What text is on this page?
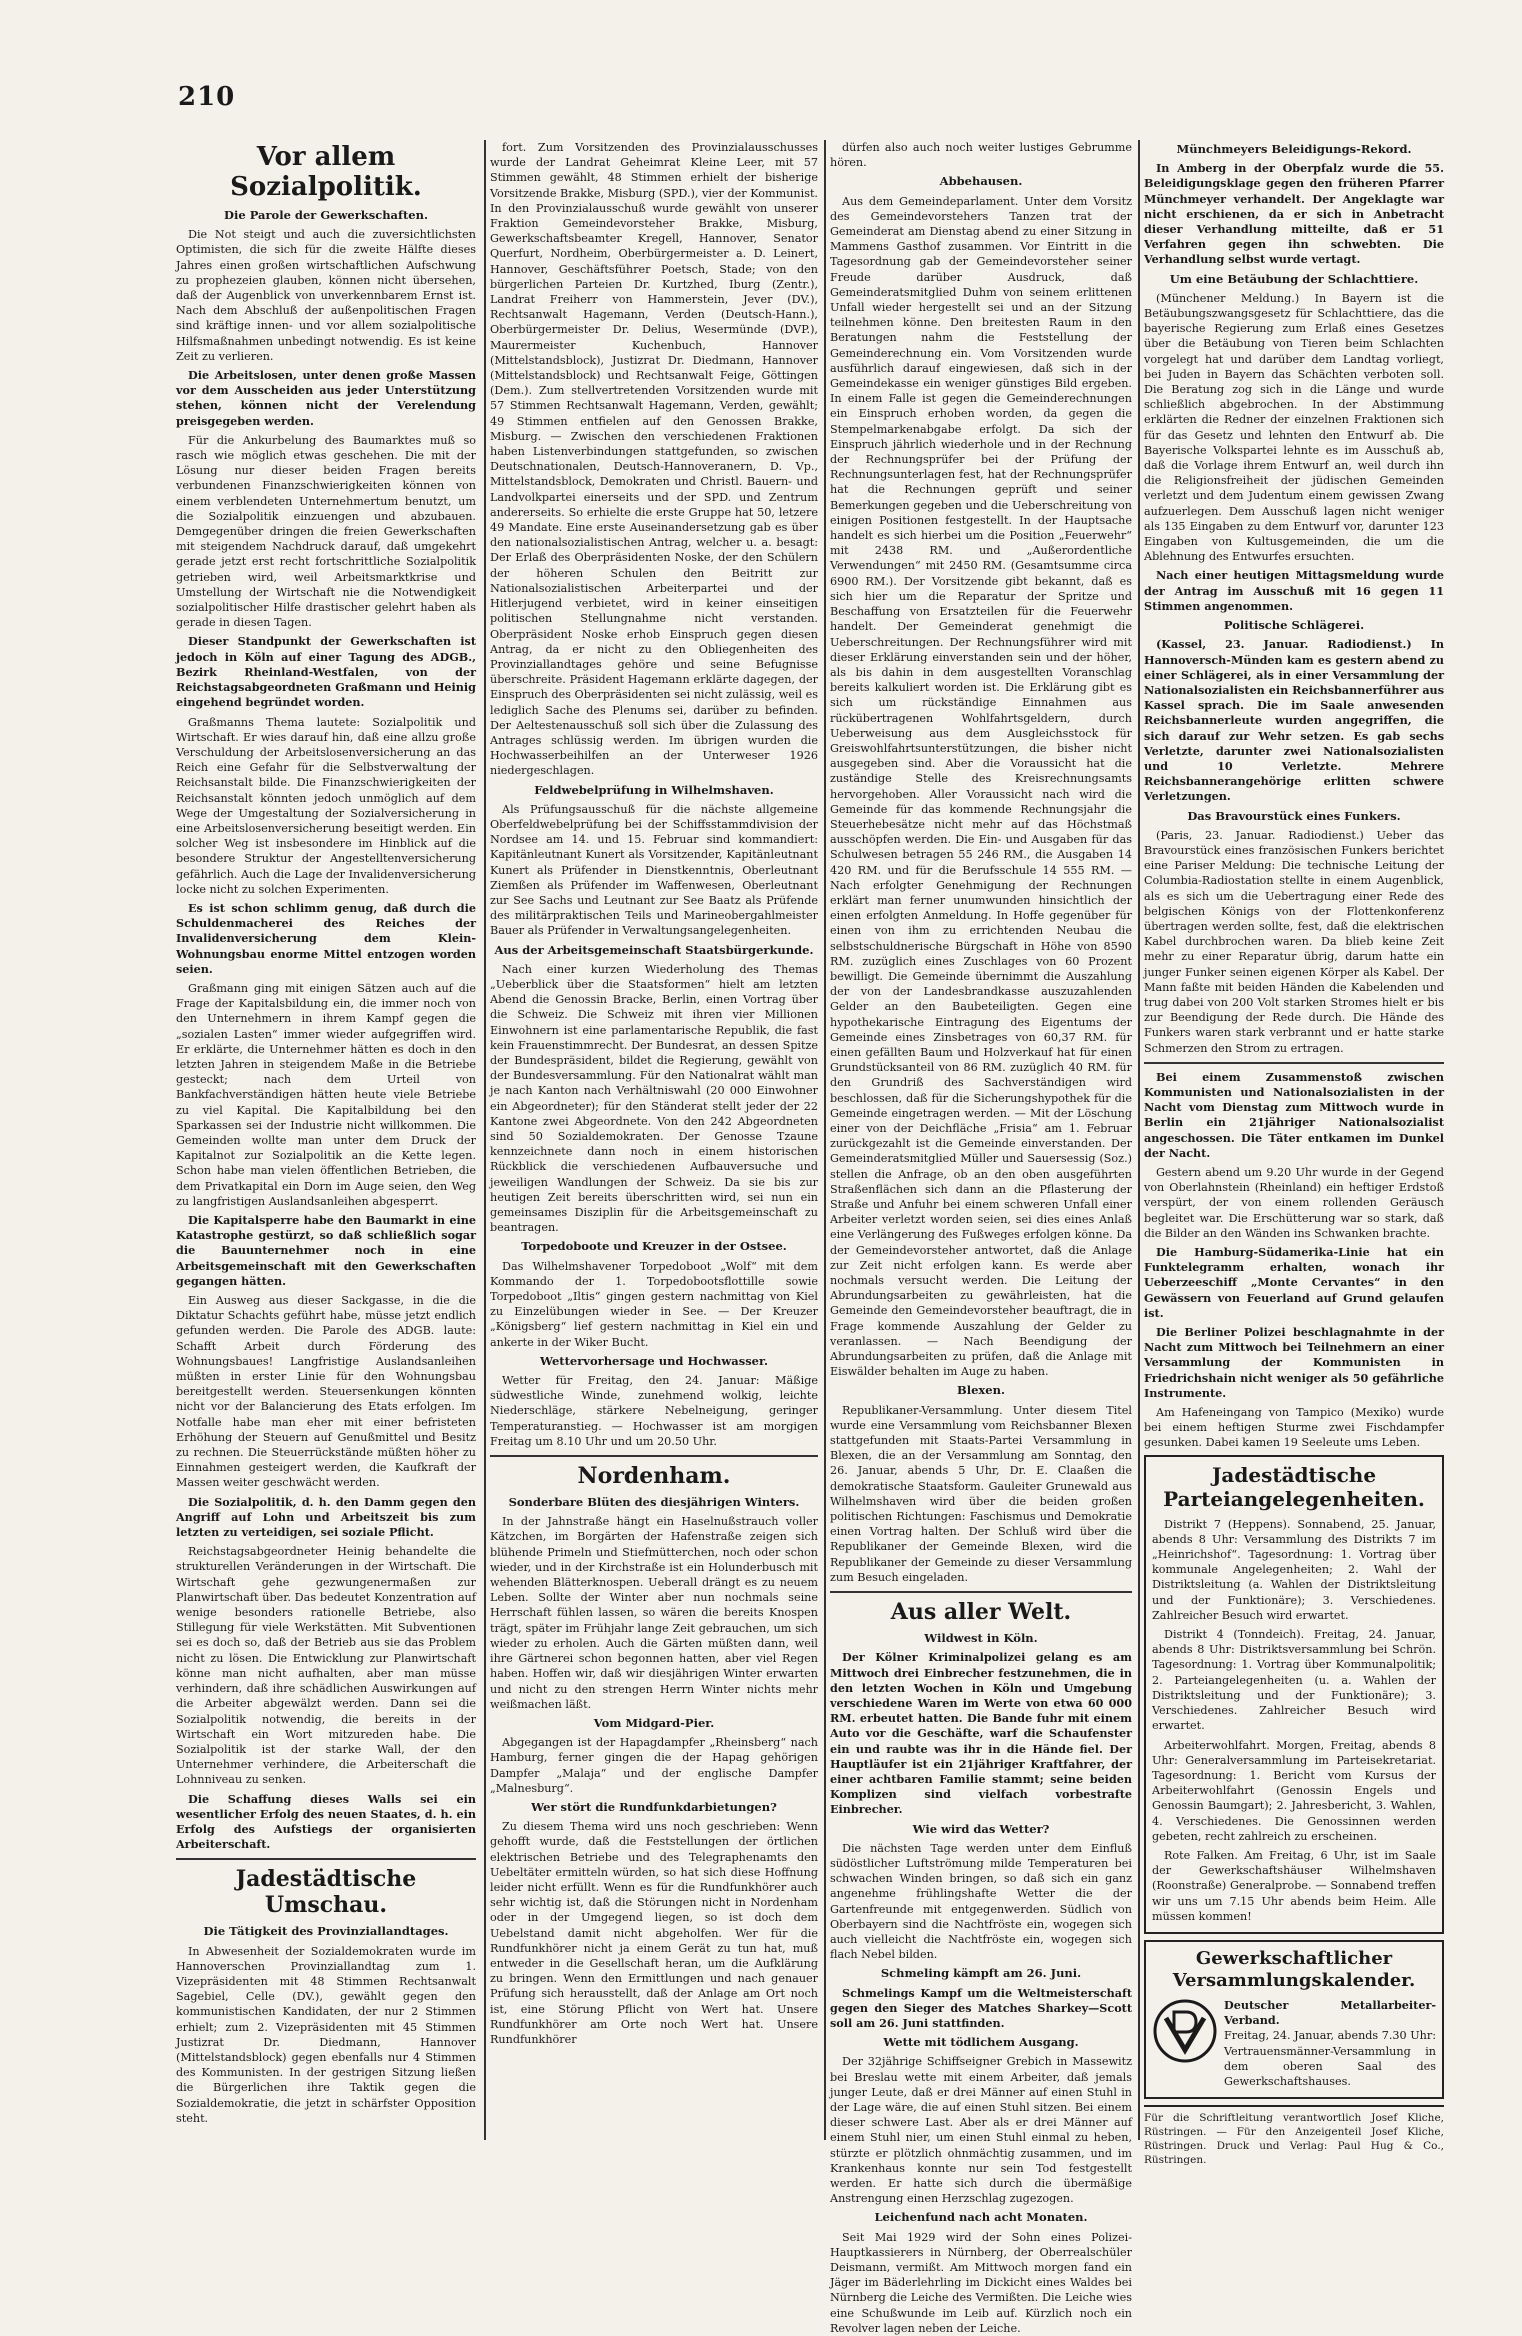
210
Vor allem Sozialpolitik.
Die Parole der Gewerkschaften.

Die Not steigt und auch die zuversichtlichsten Optimisten, die sich für die zweite Hälfte dieses Jahres einen großen wirtschaftlichen Aufschwung zu prophezeien glauben, können nicht übersehen, daß der Augenblick von unverkennbarem Ernst ist. Nach dem Abschluß der außenpolitischen Fragen sind kräftige innen- und vor allem sozialpolitische Hilfsmaßnahmen unbedingt notwendig. Es ist keine Zeit zu verlieren.

Die Arbeitslosen, unter denen große Massen vor dem Ausscheiden aus jeder Unterstützung stehen, können nicht der Verelendung preisgegeben werden.

Für die Ankurbelung des Baumarktes muß so rasch wie möglich etwas geschehen. Die mit der Lösung nur dieser beiden Fragen bereits verbundenen Finanzschwierigkeiten können von einem verblendeten Unternehmertum benutzt, um die Sozialpolitik einzuengen und abzubauen. Demgegenüber dringen die freien Gewerkschaften mit steigendem Nachdruck darauf, daß umgekehrt gerade jetzt erst recht fortschrittliche Sozialpolitik getrieben wird, weil Arbeitsmarktkrise und Umstellung der Wirtschaft nie die Notwendigkeit sozialpolitischer Hilfe drastischer gelehrt haben als gerade in diesen Tagen.

Dieser Standpunkt der Gewerkschaften ist jedoch in Köln auf einer Tagung des ADGB., Bezirk Rheinland-Westfalen, von der Reichstagsabgeordneten Graßmann und Heinig eingehend begründet worden.

Graßmanns Thema lautete: Sozialpolitik und Wirtschaft. Er wies darauf hin, daß eine allzu große Verschuldung der Arbeitslosenversicherung an das Reich eine Gefahr für die Selbstverwaltung der Reichsanstalt bilde. Die Finanzschwierigkeiten der Reichsanstalt könnten jedoch unmöglich auf dem Wege der Umgestaltung der Sozialversicherung in eine Arbeitslosenversicherung beseitigt werden. Ein solcher Weg ist insbesondere im Hinblick auf die besondere Struktur der Angestelltenversicherung gefährlich. Auch die Lage der Invalidenversicherung locke nicht zu solchen Experimenten.

Es ist schon schlimm genug, daß durch die Schuldenmacherei des Reiches der Invalidenversicherung dem Klein-Wohnungsbau enorme Mittel entzogen worden seien.

Graßmann ging mit einigen Sätzen auch auf die Frage der Kapitalsbildung ein, die immer noch von den Unternehmern in ihrem Kampf gegen die „sozialen Lasten“ immer wieder aufgegriffen wird. Er erklärte, die Unternehmer hätten es doch in den letzten Jahren in steigendem Maße in die Betriebe gesteckt; nach dem Urteil von Bankfachverständigen hätten heute viele Betriebe zu viel Kapital. Die Kapitalbildung bei den Sparkassen sei der Industrie nicht willkommen. Die Gemeinden wollte man unter dem Druck der Kapitalnot zur Sozialpolitik an die Kette legen. Schon habe man vielen öffentlichen Betrieben, die dem Privatkapital ein Dorn im Auge seien, den Weg zu langfristigen Auslandsanleihen abgesperrt.

Die Kapitalsperre habe den Baumarkt in eine Katastrophe gestürzt, so daß schließlich sogar die Bauunternehmer noch in eine Arbeitsgemeinschaft mit den Gewerkschaften gegangen hätten.

Ein Ausweg aus dieser Sackgasse, in die die Diktatur Schachts geführt habe, müsse jetzt endlich gefunden werden. Die Parole des ADGB. laute: Schafft Arbeit durch Förderung des Wohnungsbaues! Langfristige Auslandsanleihen müßten in erster Linie für den Wohnungsbau bereitgestellt werden. Steuersenkungen könnten nicht vor der Balancierung des Etats erfolgen. Im Notfalle habe man eher mit einer befristeten Erhöhung der Steuern auf Genußmittel und Besitz zu rechnen. Die Steuerrückstände müßten höher zu Einnahmen gesteigert werden, die Kaufkraft der Massen weiter geschwächt werden.

Die Sozialpolitik, d. h. den Damm gegen den Angriff auf Lohn und Arbeitszeit bis zum letzten zu verteidigen, sei soziale Pflicht.

Reichstagsabgeordneter Heinig behandelte die strukturellen Veränderungen in der Wirtschaft. Die Wirtschaft gehe gezwungenermaßen zur Planwirtschaft über. Das bedeutet Konzentration auf wenige besonders rationelle Betriebe, also Stillegung für viele Werkstätten. Mit Subventionen sei es doch so, daß der Betrieb aus sie das Problem nicht zu lösen. Die Entwicklung zur Planwirtschaft könne man nicht aufhalten, aber man müsse verhindern, daß ihre schädlichen Auswirkungen auf die Arbeiter abgewälzt werden. Dann sei die Sozialpolitik notwendig, die bereits in der Wirtschaft ein Wort mitzureden habe. Die Sozialpolitik ist der starke Wall, der den Unternehmer verhindere, die Arbeiterschaft die Lohnniveau zu senken.

Die Schaffung dieses Walls sei ein wesentlicher Erfolg des neuen Staates, d. h. ein Erfolg des Aufstiegs der organisierten Arbeiterschaft.

Jadestädtische Umschau.
Die Tätigkeit des Provinziallandtages.

In Abwesenheit der Sozialdemokraten wurde im Hannoverschen Provinziallandtag zum 1. Vizepräsidenten mit 48 Stimmen Rechtsanwalt Sagebiel, Celle (DV.), gewählt gegen den kommunistischen Kandidaten, der nur 2 Stimmen erhielt; zum 2. Vizepräsidenten mit 45 Stimmen Justizrat Dr. Diedmann, Hannover (Mittelstandsblock) gegen ebenfalls nur 4 Stimmen des Kommunisten. In der gestrigen Sitzung ließen die Bürgerlichen ihre Taktik gegen die Sozialdemokratie, die jetzt in schärfster Opposition steht.

fort. Zum Vorsitzenden des Provinzialausschusses wurde der Landrat Geheimrat Kleine Leer, mit 57 Stimmen gewählt, 48 Stimmen erhielt der bisherige Vorsitzende Brakke, Misburg (SPD.), vier der Kommunist. In den Provinzialausschuß wurde gewählt von unserer Fraktion Gemeindevorsteher Brakke, Misburg, Gewerkschaftsbeamter Kregell, Hannover, Senator Querfurt, Nordheim, Oberbürgermeister a. D. Leinert, Hannover, Geschäftsführer Poetsch, Stade; von den bürgerlichen Parteien Dr. Kurtzhed, Iburg (Zentr.), Landrat Freiherr von Hammerstein, Jever (DV.), Rechtsanwalt Hagemann, Verden (Deutsch-Hann.), Oberbürgermeister Dr. Delius, Wesermünde (DVP.), Maurermeister Kuchenbuch, Hannover (Mittelstandsblock), Justizrat Dr. Diedmann, Hannover (Mittelstandsblock) und Rechtsanwalt Feige, Göttingen (Dem.). Zum stellvertretenden Vorsitzenden wurde mit 57 Stimmen Rechtsanwalt Hagemann, Verden, gewählt; 49 Stimmen entfielen auf den Genossen Brakke, Misburg. — Zwischen den verschiedenen Fraktionen haben Listenverbindungen stattgefunden, so zwischen Deutschnationalen, Deutsch-Hannoveranern, D. Vp., Mittelstandsblock, Demokraten und Christl. Bauern- und Landvolkpartei einerseits und der SPD. und Zentrum andererseits. So erhielte die erste Gruppe hat 50, letzere 49 Mandate. Eine erste Auseinandersetzung gab es über den nationalsozialistischen Antrag, welcher u. a. besagt: Der Erlaß des Oberpräsidenten Noske, der den Schülern der höheren Schulen den Beitritt zur Nationalsozialistischen Arbeiterpartei und der Hitlerjugend verbietet, wird in keiner einseitigen politischen Stellungnahme nicht verstanden. Oberpräsident Noske erhob Einspruch gegen diesen Antrag, da er nicht zu den Obliegenheiten des Provinziallandtages gehöre und seine Befugnisse überschreite. Präsident Hagemann erklärte dagegen, der Einspruch des Oberpräsidenten sei nicht zulässig, weil es lediglich Sache des Plenums sei, darüber zu befinden. Der Aeltestenausschuß soll sich über die Zulassung des Antrages schlüssig werden. Im übrigen wurden die Hochwasserbeihilfen an der Unterweser 1926 niedergeschlagen.

Feldwebelprüfung in Wilhelmshaven.

Als Prüfungsausschuß für die nächste allgemeine Oberfeldwebelprüfung bei der Schiffsstammdivision der Nordsee am 14. und 15. Februar sind kommandiert: Kapitänleutnant Kunert als Vorsitzender, Kapitänleutnant Kunert als Prüfender in Dienstkenntnis, Oberleutnant Ziemßen als Prüfender im Waffenwesen, Oberleutnant zur See Sachs und Leutnant zur See Baatz als Prüfende des militärpraktischen Teils und Marineobergahlmeister Bauer als Prüfender in Verwaltungsangelegenheiten.

Aus der Arbeitsgemeinschaft Staatsbürgerkunde.

Nach einer kurzen Wiederholung des Themas „Ueberblick über die Staatsformen“ hielt am letzten Abend die Genossin Bracke, Berlin, einen Vortrag über die Schweiz. Die Schweiz mit ihren vier Millionen Einwohnern ist eine parlamentarische Republik, die fast kein Frauenstimmrecht. Der Bundesrat, an dessen Spitze der Bundespräsident, bildet die Regierung, gewählt von der Bundesversammlung. Für den Nationalrat wählt man je nach Kanton nach Verhältniswahl (20 000 Einwohner ein Abgeordneter); für den Ständerat stellt jeder der 22 Kantone zwei Abgeordnete. Von den 242 Abgeordneten sind 50 Sozialdemokraten. Der Genosse Tzaune kennzeichnete dann noch in einem historischen Rückblick die verschiedenen Aufbauversuche und jeweiligen Wandlungen der Schweiz. Da sie bis zur heutigen Zeit bereits überschritten wird, sei nun ein gemeinsames Disziplin für die Arbeitsgemeinschaft zu beantragen.

Torpedoboote und Kreuzer in der Ostsee.

Das Wilhelmshavener Torpedoboot „Wolf“ mit dem Kommando der 1. Torpedobootsflottille sowie Torpedoboot „Iltis“ gingen gestern nachmittag von Kiel zu Einzelübungen wieder in See. — Der Kreuzer „Königsberg“ lief gestern nachmittag in Kiel ein und ankerte in der Wiker Bucht.

Wettervorhersage und Hochwasser.

Wetter für Freitag, den 24. Januar: Mäßige südwestliche Winde, zunehmend wolkig, leichte Niederschläge, stärkere Nebelneigung, geringer Temperaturanstieg. — Hochwasser ist am morgigen Freitag um 8.10 Uhr und um 20.50 Uhr.

Nordenham.
Sonderbare Blüten des diesjährigen Winters.

In der Jahnstraße hängt ein Haselnußstrauch voller Kätzchen, im Borgärten der Hafenstraße zeigen sich blühende Primeln und Stiefmütterchen, noch oder schon wieder, und in der Kirchstraße ist ein Holunderbusch mit wehenden Blätterknospen. Ueberall drängt es zu neuem Leben. Sollte der Winter aber nun nochmals seine Herrschaft fühlen lassen, so wären die bereits Knospen trägt, später im Frühjahr lange Zeit gebrauchen, um sich wieder zu erholen. Auch die Gärten müßten dann, weil ihre Gärtnerei schon begonnen hatten, aber viel Regen haben. Hoffen wir, daß wir diesjährigen Winter erwarten und nicht zu den strengen Herrn Winter nichts mehr weißmachen läßt.

Vom Midgard-Pier.

Abgegangen ist der Hapagdampfer „Rheinsberg“ nach Hamburg, ferner gingen die der Hapag gehörigen Dampfer „Malaja“ und der englische Dampfer „Malnesburg“.

Wer stört die Rundfunkdarbietungen?

Zu diesem Thema wird uns noch geschrieben: Wenn gehofft wurde, daß die Feststellungen der örtlichen elektrischen Betriebe und des Telegraphenamts den Uebeltäter ermitteln würden, so hat sich diese Hoffnung leider nicht erfüllt. Wenn es für die Rundfunkhörer auch sehr wichtig ist, daß die Störungen nicht in Nordenham oder in der Umgegend liegen, so ist doch dem Uebelstand damit nicht abgeholfen. Wer für die Rundfunkhörer nicht ja einem Gerät zu tun hat, muß entweder in die Gesellschaft heran, um die Aufklärung zu bringen. Wenn den Ermittlungen und nach genauer Prüfung sich herausstellt, daß der Anlage am Ort noch ist, eine Störung Pflicht von Wert hat. Unsere Rundfunkhörer am Orte noch Wert hat. Unsere Rundfunkhörer

dürfen also auch noch weiter lustiges Gebrumme hören.

Abbehausen.

Aus dem Gemeindeparlament. Unter dem Vorsitz des Gemeindevorstehers Tanzen trat der Gemeinderat am Dienstag abend zu einer Sitzung in Mammens Gasthof zusammen. Vor Eintritt in die Tagesordnung gab der Gemeindevorsteher seiner Freude darüber Ausdruck, daß Gemeinderatsmitglied Duhm von seinem erlittenen Unfall wieder hergestellt sei und an der Sitzung teilnehmen könne. Den breitesten Raum in den Beratungen nahm die Feststellung der Gemeinderechnung ein. Vom Vorsitzenden wurde ausführlich darauf eingewiesen, daß sich in der Gemeindekasse ein weniger günstiges Bild ergeben. In einem Falle ist gegen die Gemeinderechnungen ein Einspruch erhoben worden, da gegen die Stempelmarkenabgabe erfolgt. Da sich der Einspruch jährlich wiederhole und in der Rechnung der Rechnungsprüfer bei der Prüfung der Rechnungsunterlagen fest, hat der Rechnungsprüfer hat die Rechnungen geprüft und seiner Bemerkungen gegeben und die Ueberschreitung von einigen Positionen festgestellt. In der Hauptsache handelt es sich hierbei um die Position „Feuerwehr“ mit 2438 RM. und „Außerordentliche Verwendungen“ mit 2450 RM. (Gesamtsumme circa 6900 RM.). Der Vorsitzende gibt bekannt, daß es sich hier um die Reparatur der Spritze und Beschaffung von Ersatzteilen für die Feuerwehr handelt. Der Gemeinderat genehmigt die Ueberschreitungen. Der Rechnungsführer wird mit dieser Erklärung einverstanden sein und der höher, als bis dahin in dem ausgestellten Voranschlag bereits kalkuliert worden ist. Die Erklärung gibt es sich um rückständige Einnahmen aus rückübertragenen Wohlfahrtsgeldern, durch Ueberweisung aus dem Ausgleichsstock für Greiswohlfahrtsunterstützungen, die bisher nicht ausgegeben sind. Aber die Voraussicht hat die zuständige Stelle des Kreisrechnungsamts hervorgehoben. Aller Voraussicht nach wird die Gemeinde für das kommende Rechnungsjahr die Steuerhebesätze nicht mehr auf das Höchstmaß ausschöpfen werden. Die Ein- und Ausgaben für das Schulwesen betragen 55 246 RM., die Ausgaben 14 420 RM. und für die Berufsschule 14 555 RM. — Nach erfolgter Genehmigung der Rechnungen erklärt man ferner unumwunden hinsichtlich der einen erfolgten Anmeldung. In Hoffe gegenüber für einen von ihm zu errichtenden Neubau die selbstschuldnerische Bürgschaft in Höhe von 8590 RM. zuzüglich eines Zuschlages von 60 Prozent bewilligt. Die Gemeinde übernimmt die Auszahlung der von der Landesbrandkasse auszuzahlenden Gelder an den Baubeteiligten. Gegen eine hypothekarische Eintragung des Eigentums der Gemeinde eines Zinsbetrages von 60,37 RM. für einen gefällten Baum und Holzverkauf hat für einen Grundstücksanteil von 86 RM. zuzüglich 40 RM. für den Grundriß des Sachverständigen wird beschlossen, daß für die Sicherungshypothek für die Gemeinde eingetragen werden. — Mit der Löschung einer von der Deichfläche „Frisia“ am 1. Februar zurückgezahlt ist die Gemeinde einverstanden. Der Gemeinderatsmitglied Müller und Sauersessig (Soz.) stellen die Anfrage, ob an den oben ausgeführten Straßenflächen sich dann an die Pflasterung der Straße und Anfuhr bei einem schweren Unfall einer Arbeiter verletzt worden seien, sei dies eines Anlaß eine Verlängerung des Fußweges erfolgen könne. Da der Gemeindevorsteher antwortet, daß die Anlage zur Zeit nicht erfolgen kann. Es werde aber nochmals versucht werden. Die Leitung der Abrundungsarbeiten zu gewährleisten, hat die Gemeinde den Gemeindevorsteher beauftragt, die in Frage kommende Auszahlung der Gelder zu veranlassen. — Nach Beendigung der Abrundungsarbeiten zu prüfen, daß die Anlage mit Eiswälder behalten im Auge zu haben.

Blexen.

Republikaner-Versammlung. Unter diesem Titel wurde eine Versammlung vom Reichsbanner Blexen stattgefunden mit Staats-Partei Versammlung in Blexen, die an der Versammlung am Sonntag, den 26. Januar, abends 5 Uhr, Dr. E. Claaßen die demokratische Staatsform. Gauleiter Grunewald aus Wilhelmshaven wird über die beiden großen politischen Richtungen: Faschismus und Demokratie einen Vortrag halten. Der Schluß wird über die Republikaner der Gemeinde Blexen, wird die Republikaner der Gemeinde zu dieser Versammlung zum Besuch eingeladen.

Aus aller Welt.
Wildwest in Köln.

Der Kölner Kriminalpolizei gelang es am Mittwoch drei Einbrecher festzunehmen, die in den letzten Wochen in Köln und Umgebung verschiedene Waren im Werte von etwa 60 000 RM. erbeutet hatten. Die Bande fuhr mit einem Auto vor die Geschäfte, warf die Schaufenster ein und raubte was ihr in die Hände fiel. Der Hauptläufer ist ein 21jähriger Kraftfahrer, der einer achtbaren Familie stammt; seine beiden Komplizen sind vielfach vorbestrafte Einbrecher.

Wie wird das Wetter?

Die nächsten Tage werden unter dem Einfluß südöstlicher Luftströmung milde Temperaturen bei schwachen Winden bringen, so daß sich ein ganz angenehme frühlingshafte Wetter die der Gartenfreunde mit entgegenwerden. Südlich von Oberbayern sind die Nachtfröste ein, wogegen sich auch vielleicht die Nachtfröste ein, wogegen sich flach Nebel bilden.

Schmeling kämpft am 26. Juni.

Schmelings Kampf um die Weltmeisterschaft gegen den Sieger des Matches Sharkey—Scott soll am 26. Juni stattfinden.

Wette mit tödlichem Ausgang.

Der 32jährige Schiffseigner Grebich in Massewitz bei Breslau wette mit einem Arbeiter, daß jemals junger Leute, daß er drei Männer auf einen Stuhl in der Lage wäre, die auf einen Stuhl sitzen. Bei einem dieser schwere Last. Aber als er drei Männer auf einem Stuhl nier, um einen Stuhl einmal zu heben, stürzte er plötzlich ohnmächtig zusammen, und im Krankenhaus konnte nur sein Tod festgestellt werden. Er hatte sich durch die übermäßige Anstrengung einen Herzschlag zugezogen.

Leichenfund nach acht Monaten.

Seit Mai 1929 wird der Sohn eines Polizei-Hauptkassierers in Nürnberg, der Oberrealschüler Deismann, vermißt. Am Mittwoch morgen fand ein Jäger im Bäderlehrling im Dickicht eines Waldes bei Nürnberg die Leiche des Vermißten. Die Leiche wies eine Schußwunde im Leib auf. Kürzlich noch ein Revolver lagen neben der Leiche.

Münchmeyers Beleidigungs-Rekord.

In Amberg in der Oberpfalz wurde die 55. Beleidigungsklage gegen den früheren Pfarrer Münchmeyer verhandelt. Der Angeklagte war nicht erschienen, da er sich in Anbetracht dieser Verhandlung mitteilte, daß er 51 Verfahren gegen ihn schwebten. Die Verhandlung selbst wurde vertagt.

Um eine Betäubung der Schlachttiere.

(Münchener Meldung.) In Bayern ist die Betäubungszwangsgesetz für Schlachttiere, das die bayerische Regierung zum Erlaß eines Gesetzes über die Betäubung von Tieren beim Schlachten vorgelegt hat und darüber dem Landtag vorliegt, bei Juden in Bayern das Schächten verboten soll. Die Beratung zog sich in die Länge und wurde schließlich abgebrochen. In der Abstimmung erklärten die Redner der einzelnen Fraktionen sich für das Gesetz und lehnten den Entwurf ab. Die Bayerische Volkspartei lehnte es im Ausschuß ab, daß die Vorlage ihrem Entwurf an, weil durch ihn die Religionsfreiheit der jüdischen Gemeinden verletzt und dem Judentum einem gewissen Zwang aufzuerlegen. Dem Ausschuß lagen nicht weniger als 135 Eingaben zu dem Entwurf vor, darunter 123 Eingaben von Kultusgemeinden, die um die Ablehnung des Entwurfes ersuchten.

Nach einer heutigen Mittagsmeldung wurde der Antrag im Ausschuß mit 16 gegen 11 Stimmen angenommen.

Politische Schlägerei.

(Kassel, 23. Januar. Radiodienst.) In Hannoversch-Münden kam es gestern abend zu einer Schlägerei, als in einer Versammlung der Nationalsozialisten ein Reichsbannerführer aus Kassel sprach. Die im Saale anwesenden Reichsbannerleute wurden angegriffen, die sich darauf zur Wehr setzen. Es gab sechs Verletzte, darunter zwei Nationalsozialisten und 10 Verletzte. Mehrere Reichsbannerangehörige erlitten schwere Verletzungen.

Das Bravourstück eines Funkers.

(Paris, 23. Januar. Radiodienst.) Ueber das Bravourstück eines französischen Funkers berichtet eine Pariser Meldung: Die technische Leitung der Columbia-Radiostation stellte in einem Augenblick, als es sich um die Uebertragung einer Rede des belgischen Königs von der Flottenkonferenz übertragen werden sollte, fest, daß die elektrischen Kabel durchbrochen waren. Da blieb keine Zeit mehr zu einer Reparatur übrig, darum hatte ein junger Funker seinen eigenen Körper als Kabel. Der Mann faßte mit beiden Händen die Kabelenden und trug dabei von 200 Volt starken Stromes hielt er bis zur Beendigung der Rede durch. Die Hände des Funkers waren stark verbrannt und er hatte starke Schmerzen den Strom zu ertragen.

Bei einem Zusammenstoß zwischen Kommunisten und Nationalsozialisten in der Nacht vom Dienstag zum Mittwoch wurde in Berlin ein 21jähriger Nationalsozialist angeschossen. Die Täter entkamen im Dunkel der Nacht.

Gestern abend um 9.20 Uhr wurde in der Gegend von Oberlahnstein (Rheinland) ein heftiger Erdstoß verspürt, der von einem rollenden Geräusch begleitet war. Die Erschütterung war so stark, daß die Bilder an den Wänden ins Schwanken brachte.

Die Hamburg-Südamerika-Linie hat ein Funktelegramm erhalten, wonach ihr Ueberzeeschiff „Monte Cervantes“ in den Gewässern von Feuerland auf Grund gelaufen ist.

Die Berliner Polizei beschlagnahmte in der Nacht zum Mittwoch bei Teilnehmern an einer Versammlung der Kommunisten in Friedrichshain nicht weniger als 50 gefährliche Instrumente.

Am Hafeneingang von Tampico (Mexiko) wurde bei einem heftigen Sturme zwei Fischdampfer gesunken. Dabei kamen 19 Seeleute ums Leben.

Jadestädtische Parteiangelegenheiten.

Distrikt 7 (Heppens). Sonnabend, 25. Januar, abends 8 Uhr: Versammlung des Distrikts 7 im „Heinrichshof“. Tagesordnung: 1. Vortrag über kommunale Angelegenheiten; 2. Wahl der Distriktsleitung (a. Wahlen der Distriktsleitung und der Funktionäre); 3. Verschiedenes. Zahlreicher Besuch wird erwartet.

Distrikt 4 (Tonndeich). Freitag, 24. Januar, abends 8 Uhr: Distriktsversammlung bei Schrön. Tagesordnung: 1. Vortrag über Kommunalpolitik; 2. Parteiangelegenheiten (u. a. Wahlen der Distriktsleitung und der Funktionäre); 3. Verschiedenes. Zahlreicher Besuch wird erwartet.

Arbeiterwohlfahrt. Morgen, Freitag, abends 8 Uhr: Generalversammlung im Parteisekretariat. Tagesordnung: 1. Bericht vom Kursus der Arbeiterwohlfahrt (Genossin Engels und Genossin Baumgart); 2. Jahresbericht, 3. Wahlen, 4. Verschiedenes. Die Genossinnen werden gebeten, recht zahlreich zu erscheinen.

Rote Falken. Am Freitag, 6 Uhr, ist im Saale der Gewerkschaftshäuser Wilhelmshaven (Roonstraße) Generalprobe. — Sonnabend treffen wir uns um 7.15 Uhr abends beim Heim. Alle müssen kommen!

Gewerkschaftlicher Versammlungskalender.
Deutscher Metallarbeiter-Verband.

Freitag, 24. Januar, abends 7.30 Uhr: Vertrauensmänner-Versammlung in dem oberen Saal des Gewerkschaftshauses.

Für die Schriftleitung verantwortlich Josef Kliche, Rüstringen. — Für den Anzeigenteil Josef Kliche, Rüstringen. Druck und Verlag: Paul Hug & Co., Rüstringen.
